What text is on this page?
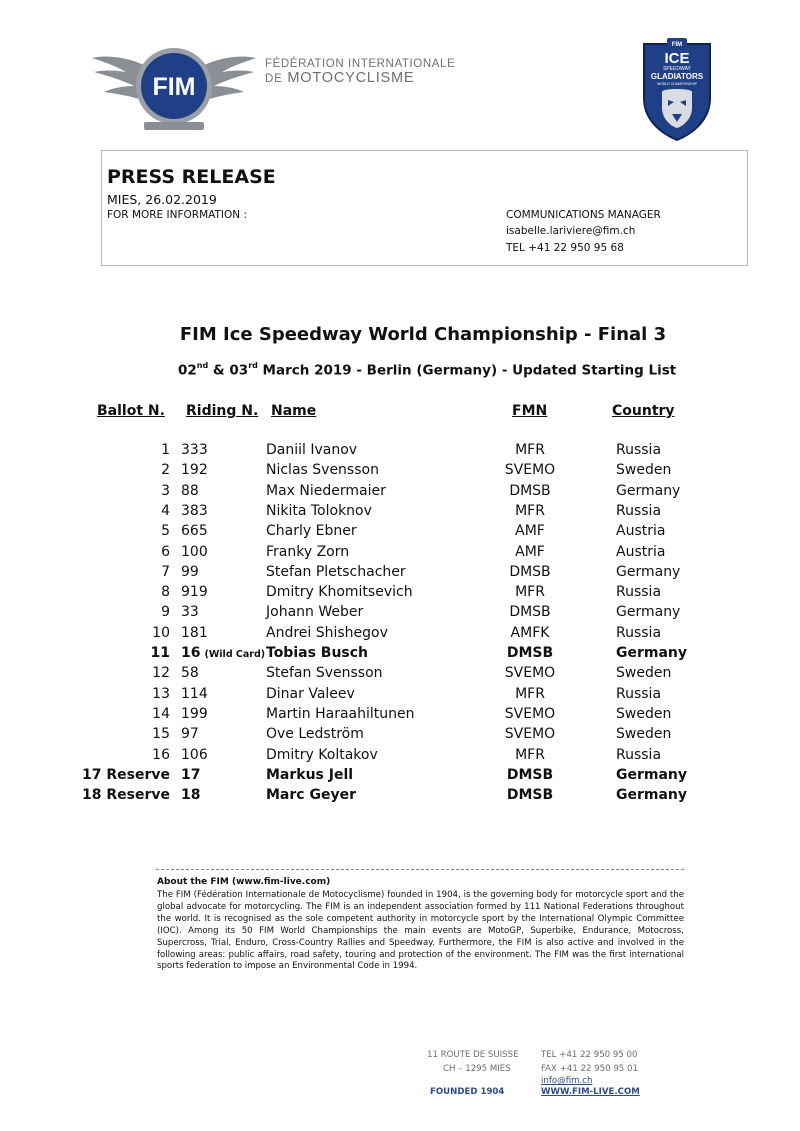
FIM
FÉDÉRATION INTERNATIONALE
DE MOTOCYCLISME
FIM
ICE
SPEEDWAY
GLADIATORS
WORLD CHAMPIONSHIP
PRESS RELEASE
MIES, 26.02.2019
FOR MORE INFORMATION :	COMMUNICATIONS MANAGER
isabelle.lariviere@fim.ch
TEL +41 22 950 95 68
FIM Ice Speedway World Championship - Final 3
02nd & 03rd March 2019 - Berlin (Germany) - Updated Starting List
Ballot N. Riding N. Name	FMN	Country
1 333	Daniil Ivanov	MFR	Russia
2 192	Niclas Svensson	SVEMO	Sweden
3 88	Max Niedermaier	DMSB	Germany
4 383	Nikita Toloknov	MFR	Russia
5 665	Charly Ebner	AMF	Austria
6 100	Franky Zorn	AMF	Austria
7 99	Stefan Pletschacher	DMSB	Germany
8 919	Dmitry Khomitsevich	MFR	Russia
9 33	Johann Weber	DMSB	Germany
10 181	Andrei Shishegov	AMFK	Russia
11 16 (Wild Card) Tobias Busch	DMSB	Germany
12 58	Stefan Svensson	SVEMO	Sweden
13 114	Dinar Valeev	MFR	Russia
14 199	Martin Haraahiltunen	SVEMO	Sweden
15 97	Ove Ledström	SVEMO	Sweden
16 106	Dmitry Koltakov	MFR	Russia
17 Reserve 17	Markus Jell	DMSB	Germany
18 Reserve 18	Marc Geyer	DMSB	Germany
About the FIM (www.fim-live.com)
The FIM (Fédération Internationale de Motocyclisme) founded in 1904, is the governing body for motorcycle sport and the global advocate for motorcycling. The FIM is an independent association formed by 111 National Federations throughout the world. It is recognised as the sole competent authority in motorcycle sport by the International Olympic Committee (IOC). Among its 50 FIM World Championships the main events are MotoGP, Superbike, Endurance, Motocross, Supercross, Trial, Enduro, Cross-Country Rallies and Speedway. Furthermore, the FIM is also active and involved in the following areas: public affairs, road safety, touring and protection of the environment. The FIM was the first international sports federation to impose an Environmental Code in 1994.
11 ROUTE DE SUISSE
CH – 1295 MIES
FOUNDED 1904
TEL +41 22 950 95 00
FAX +41 22 950 95 01
info@fim.ch
WWW.FIM-LIVE.COM
